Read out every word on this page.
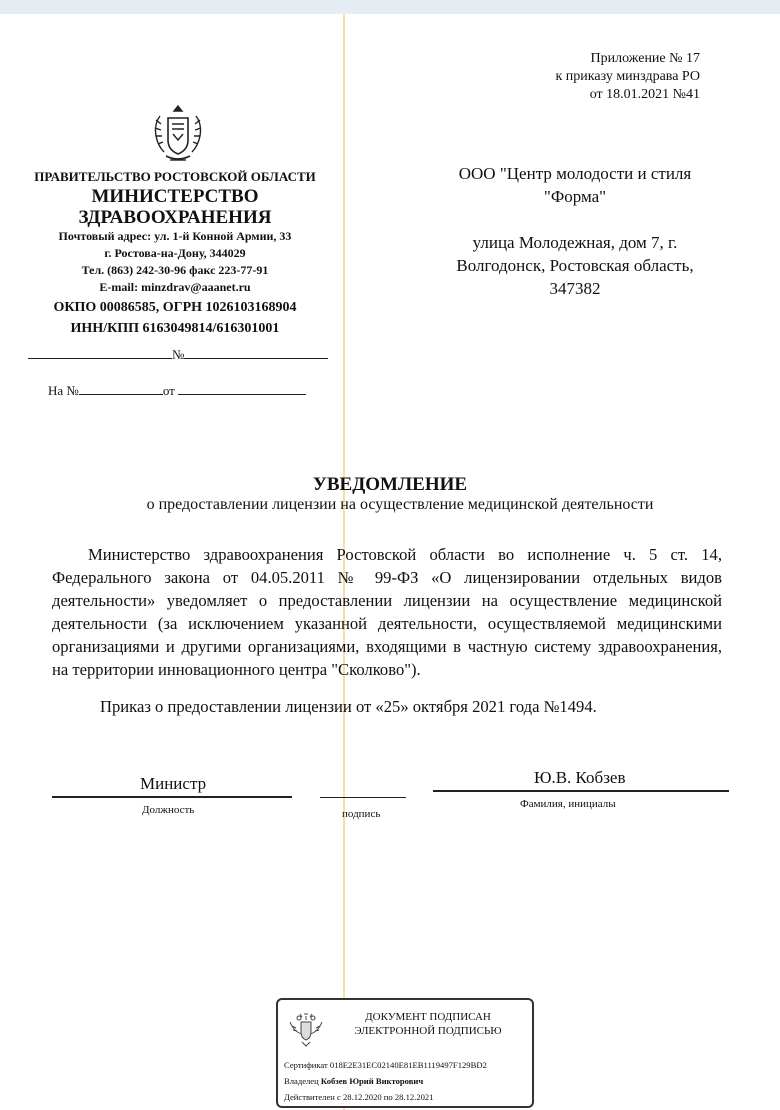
Приложение № 17
к приказу минздрава РО
от 18.01.2021 №41
ПРАВИТЕЛЬСТВО РОСТОВСКОЙ ОБЛАСТИ
МИНИСТЕРСТВО
ЗДРАВООХРАНЕНИЯ
Почтовый адрес: ул. 1-й Конной Армии, 33
г. Ростова-на-Дону, 344029
Тел. (863) 242-30-96 факс 223-77-91
E-mail: minzdrav@aaanet.ru
ОКПО 00086585, ОГРН 1026103168904
ИНН/КПП 6163049814/616301001
№
На №	от
ООО "Центр молодости и стиля
"Форма"
улица Молодежная, дом 7, г.
Волгодонск, Ростовская область,
347382
УВЕДОМЛЕНИЕ
о предоставлении лицензии на осуществление медицинской деятельности

Министерство здравоохранения Ростовской области во исполнение ч. 5 ст. 14, Федерального закона от 04.05.2011 № 99-ФЗ «О лицензировании отдельных видов деятельности» уведомляет о предоставлении лицензии на осуществление медицинской деятельности (за исключением указанной деятельности, осуществляемой медицинскими организациями и другими организациями, входящими в частную систему здравоохранения, на территории инновационного центра "Сколково").

Приказ о предоставлении лицензии от «25» октября 2021 года №1494.
Министр
Должность	подпись
Ю.В. Кобзев
Фамилия, инициалы
ДОКУМЕНТ ПОДПИСАН
ЭЛЕКТРОННОЙ ПОДПИСЬЮ
Сертификат 018E2E31EC02140E81EB1119497F129BD2
Владелец Кобзев Юрий Викторович
Действителен с 28.12.2020 по 28.12.2021
